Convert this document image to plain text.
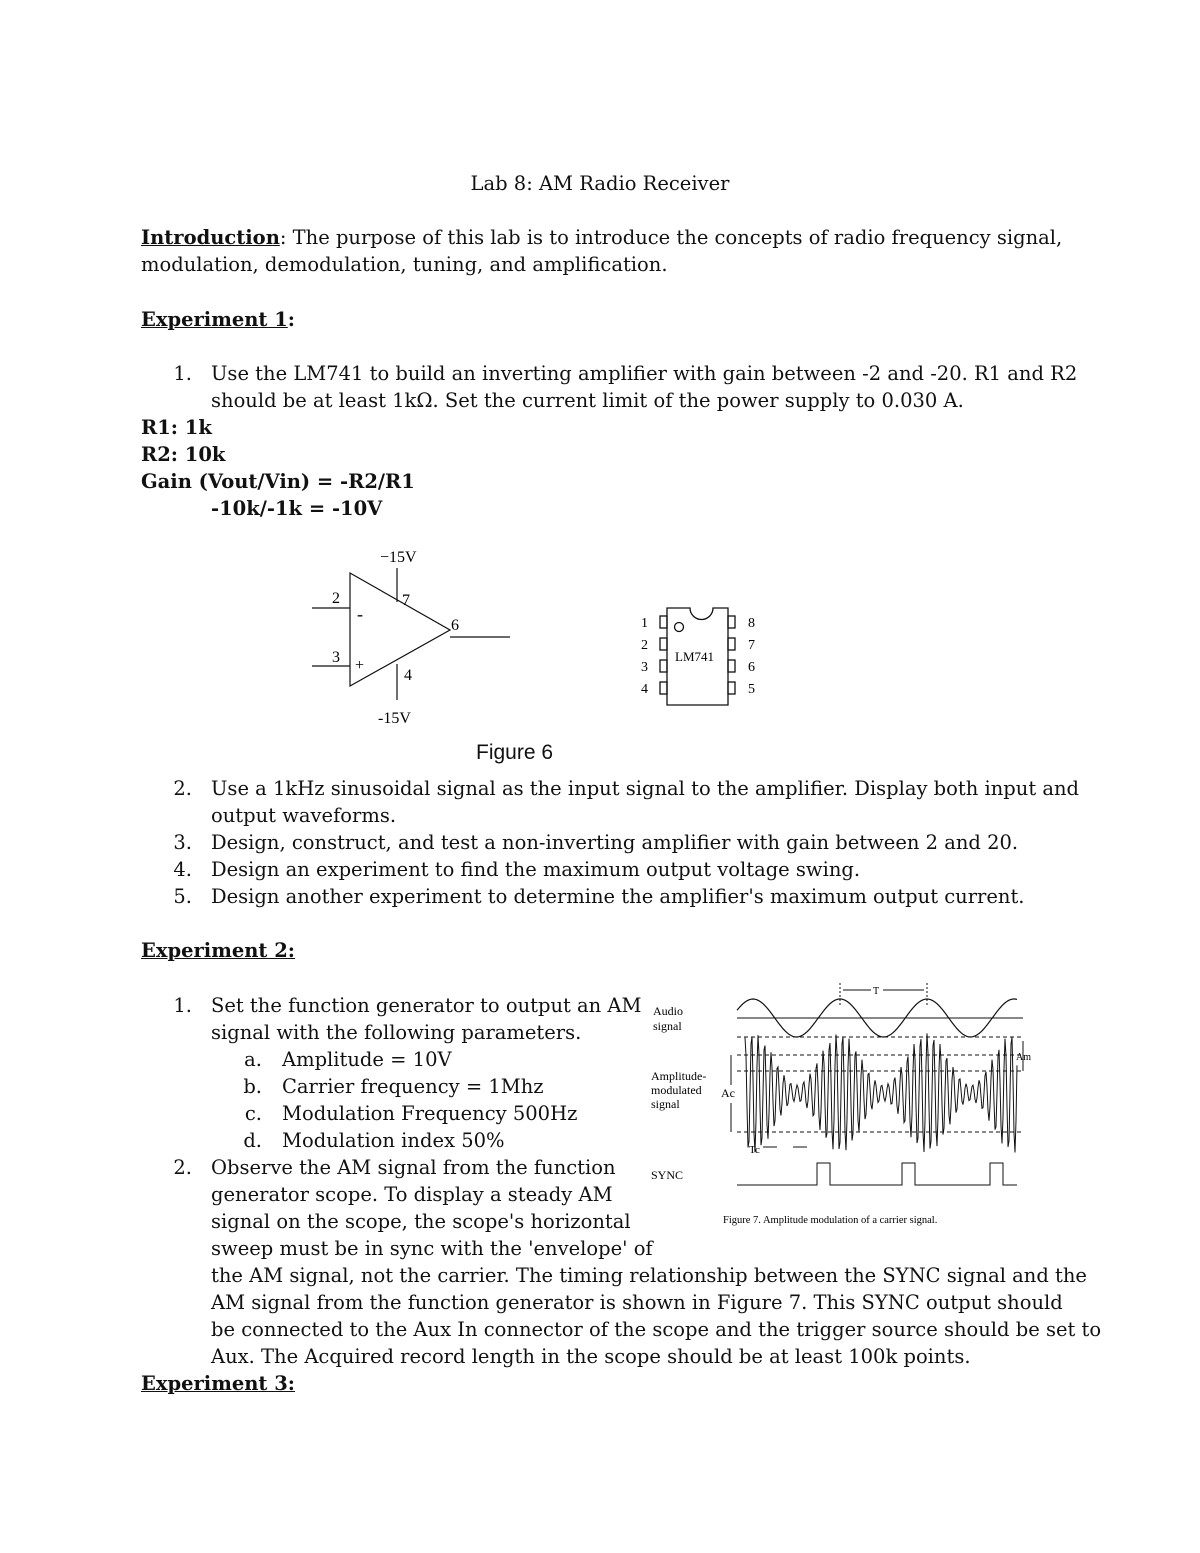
Lab 8: AM Radio Receiver
Introduction: The purpose of this lab is to introduce the concepts of radio frequency signal,
modulation, demodulation, tuning, and amplification.
Experiment 1:
1. Use the LM741 to build an inverting amplifier with gain between -2 and -20. R1 and R2
should be at least 1kΩ. Set the current limit of the power supply to 0.030 A.
R1: 1k
R2: 10k
Gain (Vout/Vin) = -R2/R1
-10k/-1k = -10V
−15V
-15V
2
3
4
6
7
-
+
LM741
1
2
3
4
8
7
6
5
Figure 6
2. Use a 1kHz sinusoidal signal as the input signal to the amplifier. Display both input and
output waveforms.
3. Design, construct, and test a non-inverting amplifier with gain between 2 and 20.
4. Design an experiment to find the maximum output voltage swing.
5. Design another experiment to determine the amplifier's maximum output current.
Experiment 2:
1. Set the function generator to output an AM
signal with the following parameters.
a. Amplitude = 10V
b. Carrier frequency = 1Mhz
c. Modulation Frequency 500Hz
d. Modulation index 50%
2. Observe the AM signal from the function
generator scope. To display a steady AM
signal on the scope, the scope's horizontal
sweep must be in sync with the 'envelope' of
the AM signal, not the carrier. The timing relationship between the SYNC signal and the
AM signal from the function generator is shown in Figure 7. This SYNC output should
be connected to the Aux In connector of the scope and the trigger source should be set to
Aux. The Acquired record length in the scope should be at least 100k points.
Audio
signal
Amplitude-
modulated
signal
SYNC
T
Am
Ac
Tc
Figure 7. Amplitude modulation of a carrier signal.
Experiment 3:
